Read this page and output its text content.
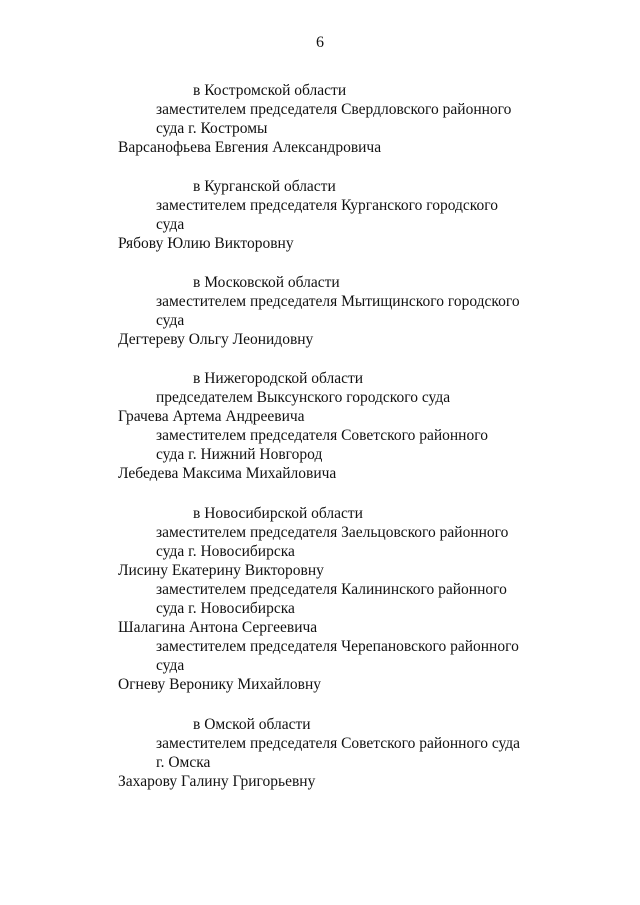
6
в Костромской области
заместителем председателя Свердловского районного
суда г. Костромы
Варсанофьева Евгения Александровича
в Курганской области
заместителем председателя Курганского городского
суда
Рябову Юлию Викторовну
в Московской области
заместителем председателя Мытищинского городского
суда
Дегтереву Ольгу Леонидовну
в Нижегородской области
председателем Выксунского городского суда
Грачева Артема Андреевича
заместителем председателя Советского районного
суда г. Нижний Новгород
Лебедева Максима Михайловича
в Новосибирской области
заместителем председателя Заельцовского районного
суда г. Новосибирска
Лисину Екатерину Викторовну
заместителем председателя Калининского районного
суда г. Новосибирска
Шалагина Антона Сергеевича
заместителем председателя Черепановского районного
суда
Огневу Веронику Михайловну
в Омской области
заместителем председателя Советского районного суда
г. Омска
Захарову Галину Григорьевну
